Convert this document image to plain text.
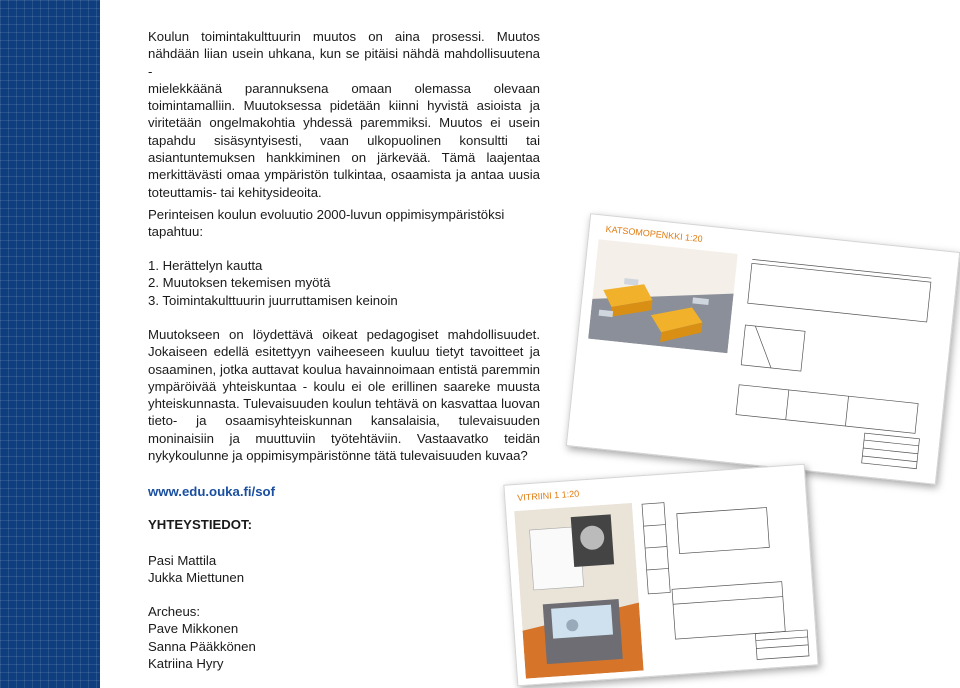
Koulun toimintakulttuurin muutos on aina prosessi. Muutos
nähdään liian usein uhkana, kun se pitäisi nähdä mahdollisuutena -
mielekkäänä parannuksena omaan olemassa olevaan
toimintamalliin. Muutoksessa pidetään kiinni hyvistä asioista ja
viritetään ongelmakohtia yhdessä paremmiksi. Muutos ei usein
tapahdu sisäsyntyisesti, vaan ulkopuolinen konsultti tai
asiantuntemuksen hankkiminen on järkevää. Tämä laajentaa
merkittävästi omaa ympäristön tulkintaa, osaamista ja antaa uusia
toteuttamis- tai kehitysideoita.

Perinteisen koulun evoluutio 2000-luvun oppimisympäristöksi tapahtuu:

1. Herättelyn kautta

2. Muutoksen tekemisen myötä

3. Toimintakulttuurin juurruttamisen keinoin

Muutokseen on löydettävä oikeat pedagogiset mahdollisuudet.
Jokaiseen edellä esitettyyn vaiheeseen kuuluu tietyt tavoitteet ja
osaaminen, jotka auttavat koulua havainnoimaan entistä paremmin
ympäröivää yhteiskuntaa - koulu ei ole erillinen saareke muusta
yhteiskunnasta. Tulevaisuuden koulun tehtävä on kasvattaa luovan
tieto- ja osaamisyhteiskunnan kansalaisia, tulevaisuuden
moninaisiin ja muuttuviin työtehtäviin. Vastaavatko teidän
nykykoulunne ja oppimisympäristönne tätä tulevaisuuden kuvaa?

www.edu.ouka.fi/sof

YHTEYSTIEDOT:

Pasi Mattila

Jukka Miettunen

Archeus:

Pave Mikkonen

Sanna Pääkkönen

Katriina Hyry

KATSOMOPENKKI 1:20
VITRIINI 1 1:20
